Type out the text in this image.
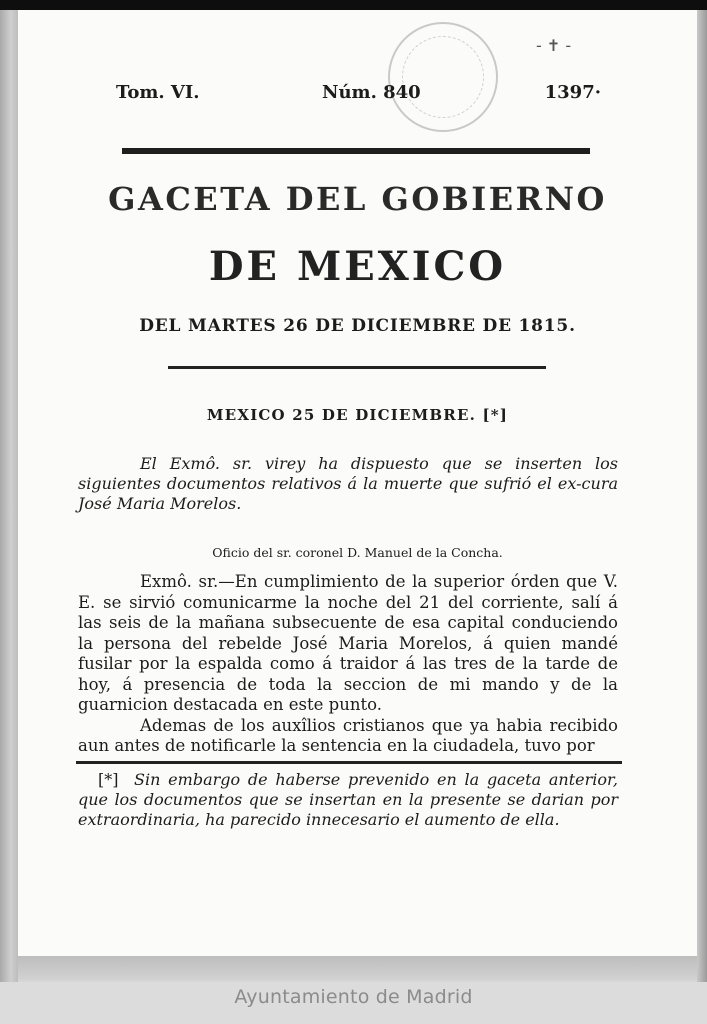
- ✝ -
Tom. VI.	Núm. 840	1397·
GACETA DEL GOBIERNO
DE MEXICO
DEL MARTES 26 DE DICIEMBRE DE 1815.
MEXICO 25 DE DICIEMBRE. [*]
El Exmô. sr. virey ha dispuesto que se inserten los siguientes documentos relativos á la muerte que sufrió el ex-cura José Maria Morelos.
Oficio del sr. coronel D. Manuel de la Concha.

Exmô. sr.—En cumplimiento de la superior órden que V. E. se sirvió comunicarme la noche del 21 del corriente, salí á las seis de la mañana subsecuente de esa capital conduciendo la persona del rebelde José Maria Morelos, á quien mandé fusilar por la espalda como á traidor á las tres de la tarde de hoy, á presencia de toda la seccion de mi mando y de la guarnicion destacada en este punto.

Ademas de los auxîlios cristianos que ya habia recibido aun antes de notificarle la sentencia en la ciudadela, tuvo por

[*] Sin embargo de haberse prevenido en la gaceta anterior, que los documentos que se insertan en la presente se darian por extraordinaria, ha parecido innecesario el aumento de ella.

Ayuntamiento de Madrid
